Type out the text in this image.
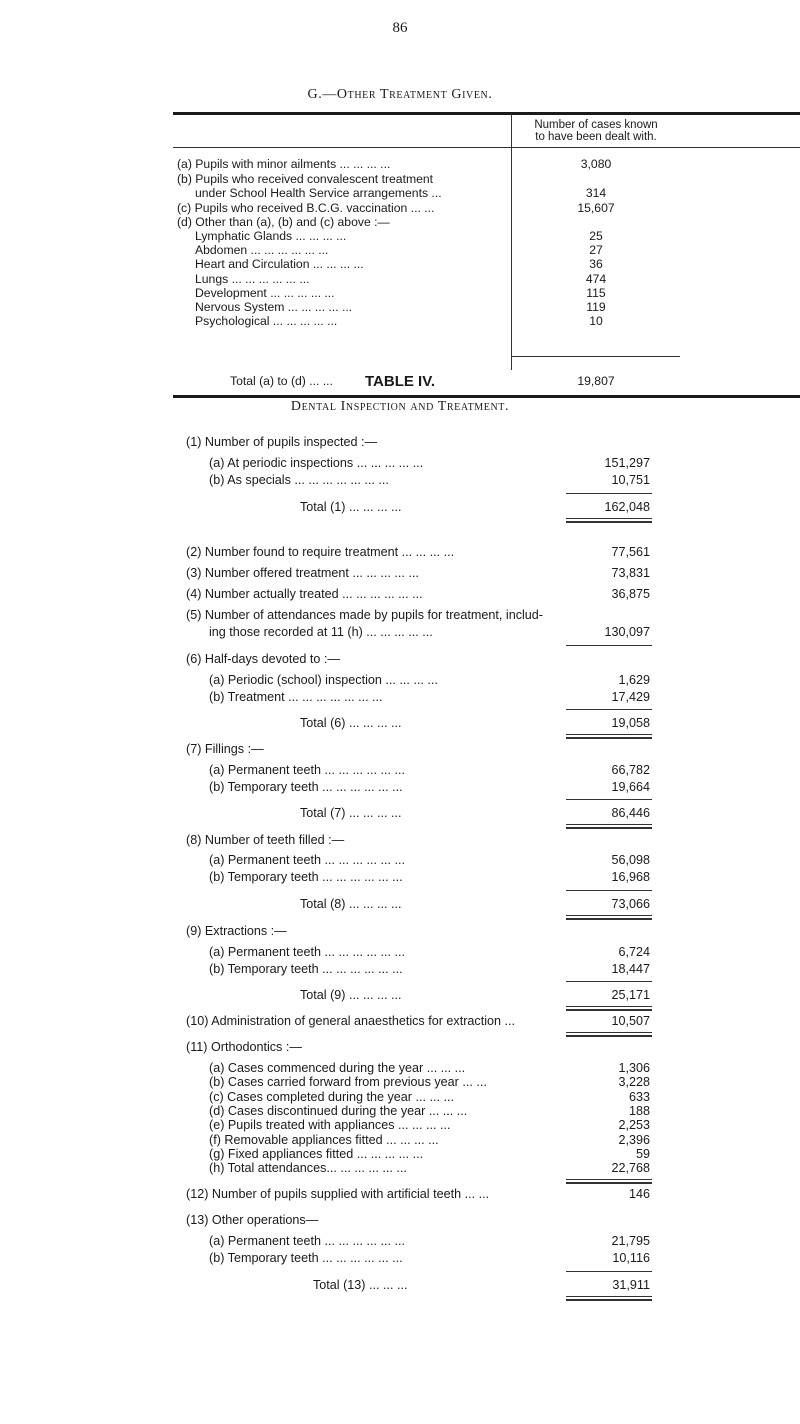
86
G.—Other Treatment Given.
Number of cases known
to have been dealt with.
(a) Pupils with minor ailments ... ... ... ...	3,080
(b) Pupils who received convalescent treatment
under School Health Service arrangements ...	314
(c) Pupils who received B.C.G. vaccination ... ...	15,607
(d) Other than (a), (b) and (c) above :—
Lymphatic Glands ... ... ... ...	25
Abdomen ... ... ... ... ... ...	27
Heart and Circulation ... ... ... ...	36
Lungs ... ... ... ... ... ...	474
Development ... ... ... ... ...	115
Nervous System ... ... ... ... ...	119
Psychological ... ... ... ... ...	10
Total (a) to (d) ... ...	19,807
TABLE IV.
Dental Inspection and Treatment.
(1) Number of pupils inspected :—
(a) At periodic inspections ... ... ... ... ...	151,297
(b) As specials ... ... ... ... ... ... ...	10,751
Total (1) ... ... ... ...	162,048
(2) Number found to require treatment ... ... ... ...	77,561
(3) Number offered treatment ... ... ... ... ...	73,831
(4) Number actually treated ... ... ... ... ... ...	36,875
(5) Number of attendances made by pupils for treatment, includ-
ing those recorded at 11 (h) ... ... ... ... ...	130,097
(6) Half-days devoted to :—
(a) Periodic (school) inspection ... ... ... ...	1,629
(b) Treatment ... ... ... ... ... ... ...	17,429
Total (6) ... ... ... ...	19,058
(7) Fillings :—
(a) Permanent teeth ... ... ... ... ... ...	66,782
(b) Temporary teeth ... ... ... ... ... ...	19,664
Total (7) ... ... ... ...	86,446
(8) Number of teeth filled :—
(a) Permanent teeth ... ... ... ... ... ...	56,098
(b) Temporary teeth ... ... ... ... ... ...	16,968
Total (8) ... ... ... ...	73,066
(9) Extractions :—
(a) Permanent teeth ... ... ... ... ... ...	6,724
(b) Temporary teeth ... ... ... ... ... ...	18,447
Total (9) ... ... ... ...	25,171
(10) Administration of general anaesthetics for extraction ...	10,507
(11) Orthodontics :—
(a) Cases commenced during the year ... ... ...	1,306
(b) Cases carried forward from previous year ... ...	3,228
(c) Cases completed during the year ... ... ...	633
(d) Cases discontinued during the year ... ... ...	188
(e) Pupils treated with appliances ... ... ... ...	2,253
(f) Removable appliances fitted ... ... ... ...	2,396
(g) Fixed appliances fitted ... ... ... ... ...	59
(h) Total attendances... ... ... ... ... ...	22,768
(12) Number of pupils supplied with artificial teeth ... ...	146
(13) Other operations—
(a) Permanent teeth ... ... ... ... ... ...	21,795
(b) Temporary teeth ... ... ... ... ... ...	10,116
Total (13) ... ... ...	31,911
